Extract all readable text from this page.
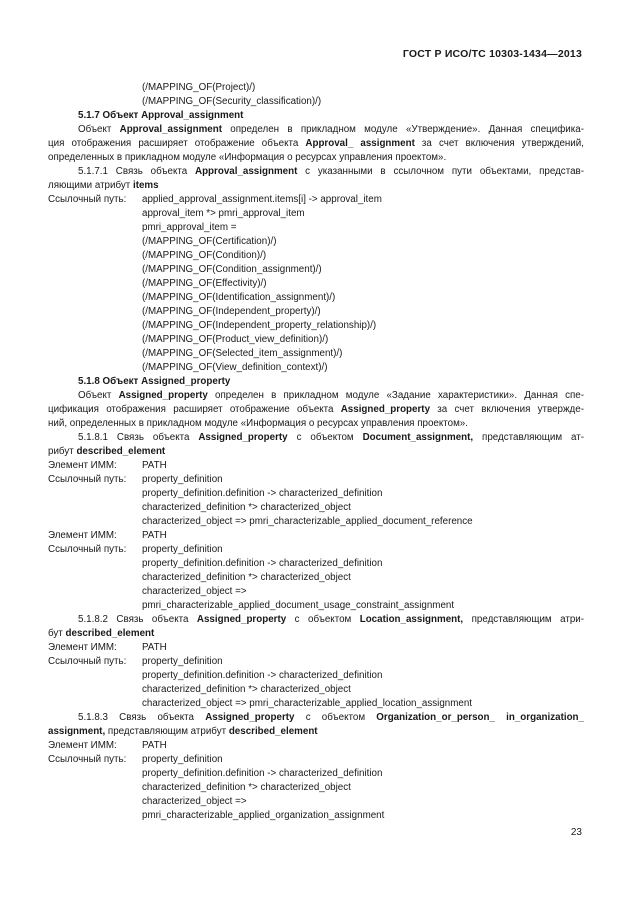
ГОСТ Р ИСО/ТС 10303-1434—2013
(/MAPPING_OF(Project)/)
(/MAPPING_OF(Security_classification)/)
5.1.7 Объект Approval_assignment
Объект Approval_assignment определен в прикладном модуле «Утверждение». Данная специфика-
ция отображения расширяет отображение объекта Approval_ assignment за счет включения утверждений,
определенных в прикладном модуле «Информация о ресурсах управления проектом».
5.1.7.1 Связь объекта Approval_assignment с указанными в ссылочном пути объектами, представ-
ляющими атрибут items
Ссылочный путь: applied_approval_assignment.items[i] -> approval_item
approval_item *> pmri_approval_item
pmri_approval_item =
(/MAPPING_OF(Certification)/)
(/MAPPING_OF(Condition)/)
(/MAPPING_OF(Condition_assignment)/)
(/MAPPING_OF(Effectivity)/)
(/MAPPING_OF(Identification_assignment)/)
(/MAPPING_OF(Independent_property)/)
(/MAPPING_OF(Independent_property_relationship)/)
(/MAPPING_OF(Product_view_definition)/)
(/MAPPING_OF(Selected_item_assignment)/)
(/MAPPING_OF(View_definition_context)/)
5.1.8 Объект Assigned_property
Объект Assigned_property определен в прикладном модуле «Задание характеристики». Данная спе-
цификация отображения расширяет отображение объекта Assigned_property за счет включения утвержде-
ний, определенных в прикладном модуле «Информация о ресурсах управления проектом».
5.1.8.1 Связь объекта Assigned_property с объектом Document_assignment, представляющим ат-
рибут described_element
Элемент ИММ:	PATH
Ссылочный путь: property_definition
property_definition.definition -> characterized_definition
characterized_definition *> characterized_object
characterized_object => pmri_characterizable_applied_document_reference
Элемент ИММ:	PATH
Ссылочный путь: property_definition
property_definition.definition -> characterized_definition
characterized_definition *> characterized_object
characterized_object =>
pmri_characterizable_applied_document_usage_constraint_assignment
5.1.8.2 Связь объекта Assigned_property с объектом Location_assignment, представляющим атри-
бут described_element
Элемент ИММ:	PATH
Ссылочный путь: property_definition
property_definition.definition -> characterized_definition
characterized_definition *> characterized_object
characterized_object => pmri_characterizable_applied_location_assignment
5.1.8.3 Связь объекта Assigned_property с объектом Organization_or_person_ in_organization_
assignment, представляющим атрибут described_element
Элемент ИММ:	PATH
Ссылочный путь: property_definition
property_definition.definition -> characterized_definition
characterized_definition *> characterized_object
characterized_object =>
pmri_characterizable_applied_organization_assignment
23
